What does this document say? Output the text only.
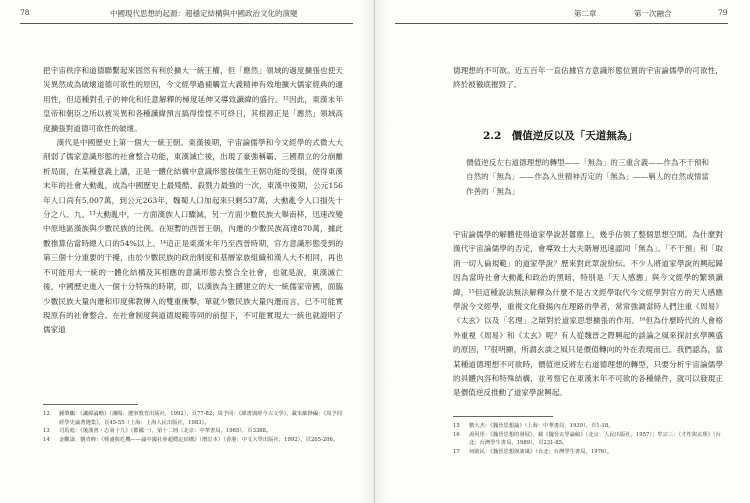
78	中國現代思想的起源：超穩定結構與中國政治文化的演變

把宇宙秩序和道德聯繫起來固然有利於擴大一統王權，但「應然」領域的過度擴張也使天災異然成為破壞道德可欲性的原因，今文經學過補觸宣大義精神有效地擴大儒家經典的適用性，但這種對孔子的神化和任意解釋的極度延伸又導致讖緯的盛行。¹²因此，東漢末年皇帝和朝臣之所以被災異和各種讖緯預言搞得惶惶不可終日，其根源正是「應然」領域高度擴張對道德可欲性的破壞。

漢代是中國歷史上第一個大一統王朝。東漢後期，宇宙論儒學和今文經學的式微大大削弱了儒家意識形態的社會整合功能，東漢滅亡後，出現了豪強稱霸、三國鼎立的分崩離析局面，在某種意義上講，正是一體化結構中意識形態按儒生王朝功能的受損，使得東漢末年的社會大動亂，成為中國歷史上最殘酷、殺戮力最強的一次，東漢中後期，公元156年人口尚有5,007萬，到公元263年，魏蜀人口加起來只剩537萬，大動亂令人口損失十分之八、九。¹³大動亂中，一方面漢族人口驟減，另一方面少數民族大舉南移，迅速改變中原地區漢族與少數民族的比例。在短暫的西晉王朝，內遷的少數民族高達870萬，據此數推算佔當時總人口的54%以上。¹⁴這正是東漢末年乃至西晉時期，官方意識形態受到的第三個十分重要的干擾，由於少數民族的政治制度和基層家族組織和漢人大不相同，再也不可能用大一統的一體化結構及其相應的意識形態去整合全社會，也就是說，東漢滅亡後，中國歷史進入一個十分特殊的時期，即，以漢族為主體建立的大一統儒家帝國，面臨少數民族大量內遷和印度佛教傳入的雙重衝擊，單就少數民族大量內遷而言，已不可能實現原有的社會整合。在社會制度與道德規範等同的前提下，不可能實現大一統也就證明了儒家道

12	鍾肇鵬：《讖緯論略》（瀋陽：遼寧教育出版社，1992），頁77-82；周予同：《緯書與經今古文學》，載朱維錚編：《周予同經學史論著選集》，頁45-55（上海：上海人民出版社，1983）。
13	司馬彪：《後漢書・志第十九》（郡國一），第十二冊（北京：中華書局，1965），頁3388。
14	金觀濤、劉青峰：《興盛與危機——論中國社會超穩定結構》（增訂本）（香港：中文大學出版社，1992），頁205-206。
第二章	第一次融合	79

德理想的不可欲。近五百年一直佔據官方意識形態位置的宇宙論儒學的可欲性，終於被徹底摧毀了。

2.2　價值逆反以及「天道無為」
價值逆反左右道德理想的轉型——「無為」的三重含義——作為不干預和自然的「無為」——作為入世精神否定的「無為」——稱人的自然或情當作善的「無為」

宇宙論儒學的解體使得道家學說甚囂塵上，幾乎佔領了整個思想空間。為什麼對漢代宇宙論儒學的否定，會導致士大夫階層迅速認同「無為」、「不干預」和「取消一切人倫規範」的道家學說？歷來對此眾說紛紜。不少人將道家學說的興起歸因為當時社會大動亂和政治的黑暗，特別是「天人感應」與今文經學的繁瑣讖緯，¹⁵但這種說法無法解釋為什麼不是古文經學取代今文經學對官方的天人感應學說今文經學，重視文化發揚內在理路的學者，常常強調當時人們注重《周易》《太玄》以及「名理」之辯對於道家思想擴張的作用。¹⁶但為什麼時代的人會格外重視《周易》和《太玄》呢？有人從魏晉之際興起的談論之風來探討玄學興盛的原因，¹⁷很明顯，所謂玄談之風只是價值轉向的外在表現而已。我們認為，當某種道德理想不可欲時，價值逆反將左右道德理想的轉型，只要分析宇宙論儒學的具體內容和特殊結構，並考察它在東漢末年不可欲的各種條件，就可以發現正是價值逆反推動了道家學說興起。

15	劉大杰：《魏晉思想論》（上海：中華書局，1939），頁1-18。
16	湯用彤：《魏晉思想的發展》，載《魏晉玄學論稿》（北京：人民出版社，1957）；牟宗三：《才性與玄理》（台北：台灣學生書局，1989），頁231-85。
17	何啟民：《魏晉思想與談風》（台北：台灣學生書局，1976）。
